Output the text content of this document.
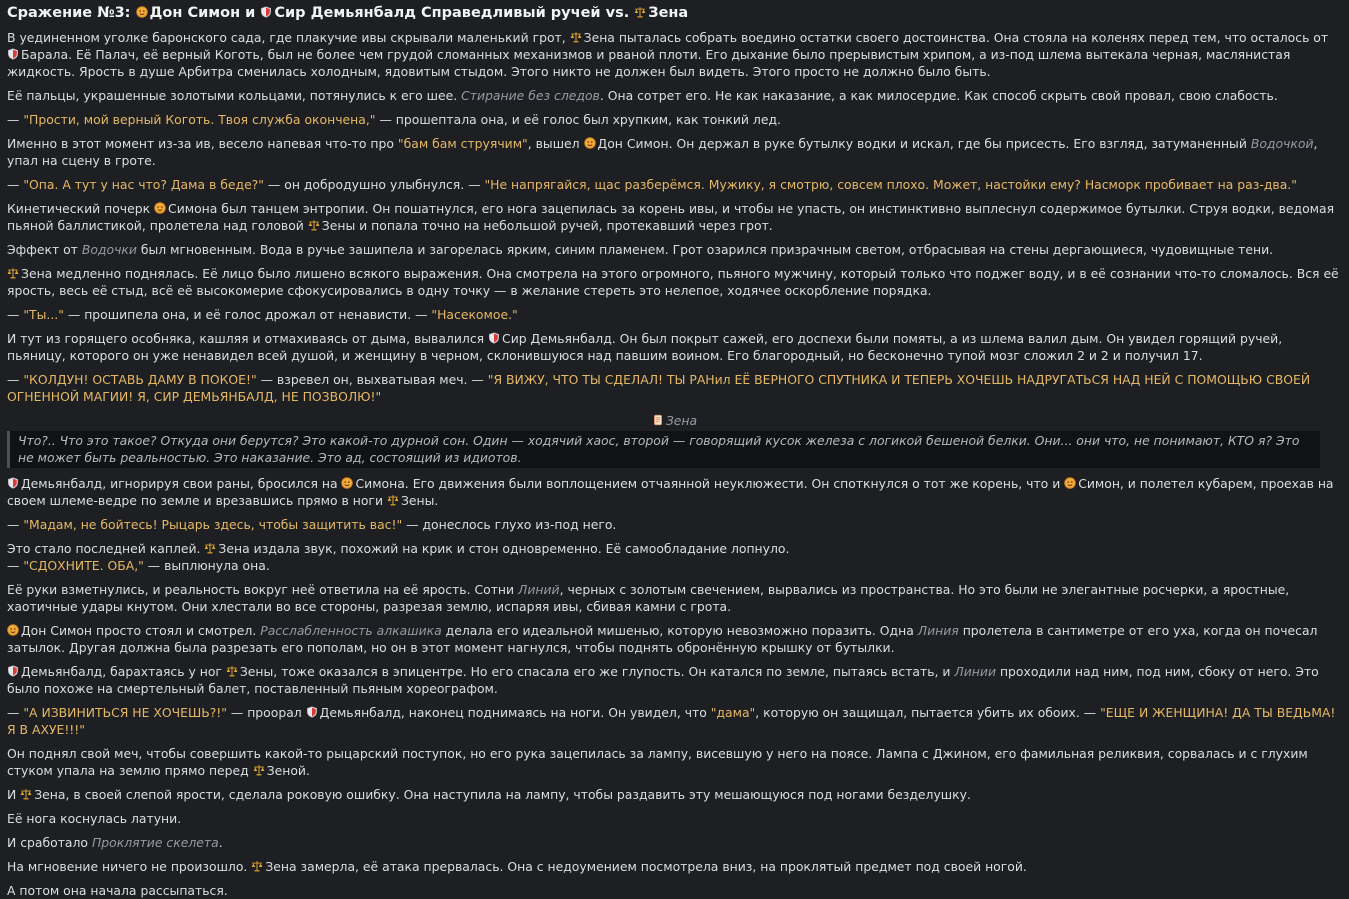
Сражение №3:
Дон Симон и
Сир Демьянбалд Справедливый ручей vs.
Зена

В уединенном уголке баронского сада, где плакучие ивы скрывали маленький грот,
Зена пыталась собрать воедино остатки своего достоинства. Она стояла на коленях перед тем, что осталось от
Барала. Её Палач, её верный Коготь, был не более чем грудой сломанных механизмов и рваной плоти. Его дыхание было прерывистым хрипом, а из-под шлема вытекала черная, маслянистая жидкость. Ярость в душе Арбитра сменилась холодным, ядовитым стыдом. Этого никто не должен был видеть. Этого просто не должно было быть.

Её пальцы, украшенные золотыми кольцами, потянулись к его шее. Стирание без следов. Она сотрет его. Не как наказание, а как милосердие. Как способ скрыть свой провал, свою слабость.

— "Прости, мой верный Коготь. Твоя служба окончена," — прошептала она, и её голос был хрупким, как тонкий лед.

Именно в этот момент из-за ив, весело напевая что-то про "бам бам струячим", вышел
Дон Симон. Он держал в руке бутылку водки и искал, где бы присесть. Его взгляд, затуманенный Водочкой, упал на сцену в гроте.

— "Опа. А тут у нас что? Дама в беде?" — он добродушно улыбнулся. — "Не напрягайся, щас разберёмся. Мужику, я смотрю, совсем плохо. Может, настойки ему? Насморк пробивает на раз-два."

Кинетический почерк
Симона был танцем энтропии. Он пошатнулся, его нога зацепилась за корень ивы, и чтобы не упасть, он инстинктивно выплеснул содержимое бутылки. Струя водки, ведомая пьяной баллистикой, пролетела над головой
Зены и попала точно на небольшой ручей, протекавший через грот.

Эффект от Водочки был мгновенным. Вода в ручье зашипела и загорелась ярким, синим пламенем. Грот озарился призрачным светом, отбрасывая на стены дергающиеся, чудовищные тени.

Зена медленно поднялась. Её лицо было лишено всякого выражения. Она смотрела на этого огромного, пьяного мужчину, который только что поджег воду, и в её сознании что-то сломалось. Вся её ярость, весь её стыд, всё её высокомерие сфокусировались в одну точку — в желание стереть это нелепое, ходячее оскорбление порядка.

— "Ты..." — прошипела она, и её голос дрожал от ненависти. — "Насекомое."

И тут из горящего особняка, кашляя и отмахиваясь от дыма, вывалился
Сир Демьянбалд. Он был покрыт сажей, его доспехи были помяты, а из шлема валил дым. Он увидел горящий ручей, пьяницу, которого он уже ненавидел всей душой, и женщину в черном, склонившуюся над павшим воином. Его благородный, но бесконечно тупой мозг сложил 2 и 2 и получил 17.

— "КОЛДУН! ОСТАВЬ ДАМУ В ПОКОЕ!" — взревел он, выхватывая меч. — "Я ВИЖУ, ЧТО ТЫ СДЕЛАЛ! ТЫ РАНил ЕЁ ВЕРНОГО СПУТНИКА И ТЕПЕРЬ ХОЧЕШЬ НАДРУГАТЬСЯ НАД НЕЙ С ПОМОЩЬЮ СВОЕЙ ОГНЕННОЙ МАГИИ! Я, СИР ДЕМЬЯНБАЛД, НЕ ПОЗВОЛЮ!"

Зена
Что?.. Что это такое? Откуда они берутся? Это какой-то дурной сон. Один — ходячий хаос, второй — говорящий кусок железа с логикой бешеной белки. Они... они что, не понимают, КТО я? Это не может быть реальностью. Это наказание. Это ад, состоящий из идиотов.

Демьянбалд, игнорируя свои раны, бросился на
Симона. Его движения были воплощением отчаянной неуклюжести. Он споткнулся о тот же корень, что и
Симон, и полетел кубарем, проехав на своем шлеме-ведре по земле и врезавшись прямо в ноги
Зены.

— "Мадам, не бойтесь! Рыцарь здесь, чтобы защитить вас!" — донеслось глухо из-под него.

Это стало последней каплей.
Зена издала звук, похожий на крик и стон одновременно. Её самообладание лопнуло.

— "СДОХНИТЕ. ОБА," — выплюнула она.

Её руки взметнулись, и реальность вокруг неё ответила на её ярость. Сотни Линий, черных с золотым свечением, вырвались из пространства. Но это были не элегантные росчерки, а яростные, хаотичные удары кнутом. Они хлестали во все стороны, разрезая землю, испаряя ивы, сбивая камни с грота.

Дон Симон просто стоял и смотрел. Расслабленность алкашика делала его идеальной мишенью, которую невозможно поразить. Одна Линия пролетела в сантиметре от его уха, когда он почесал затылок. Другая должна была разрезать его пополам, но он в этот момент нагнулся, чтобы поднять обронённую крышку от бутылки.

Демьянбалд, барахтаясь у ног
Зены, тоже оказался в эпицентре. Но его спасала его же глупость. Он катался по земле, пытаясь встать, и Линии проходили над ним, под ним, сбоку от него. Это было похоже на смертельный балет, поставленный пьяным хореографом.

— "А ИЗВИНИТЬСЯ НЕ ХОЧЕШЬ?!" — проорал
Демьянбалд, наконец поднимаясь на ноги. Он увидел, что "дама", которую он защищал, пытается убить их обоих. — "ЕЩЕ И ЖЕНЩИНА! ДА ТЫ ВЕДЬМА! Я В АХУЕ!!!"

Он поднял свой меч, чтобы совершить какой-то рыцарский поступок, но его рука зацепилась за лампу, висевшую у него на поясе. Лампа с Джином, его фамильная реликвия, сорвалась и с глухим стуком упала на землю прямо перед
Зеной.

И
Зена, в своей слепой ярости, сделала роковую ошибку. Она наступила на лампу, чтобы раздавить эту мешающуюся под ногами безделушку.

Её нога коснулась латуни.

И сработало Проклятие скелета.

На мгновение ничего не произошло.
Зена замерла, её атака прервалась. Она с недоумением посмотрела вниз, на проклятый предмет под своей ногой.

А потом она начала рассыпаться.
